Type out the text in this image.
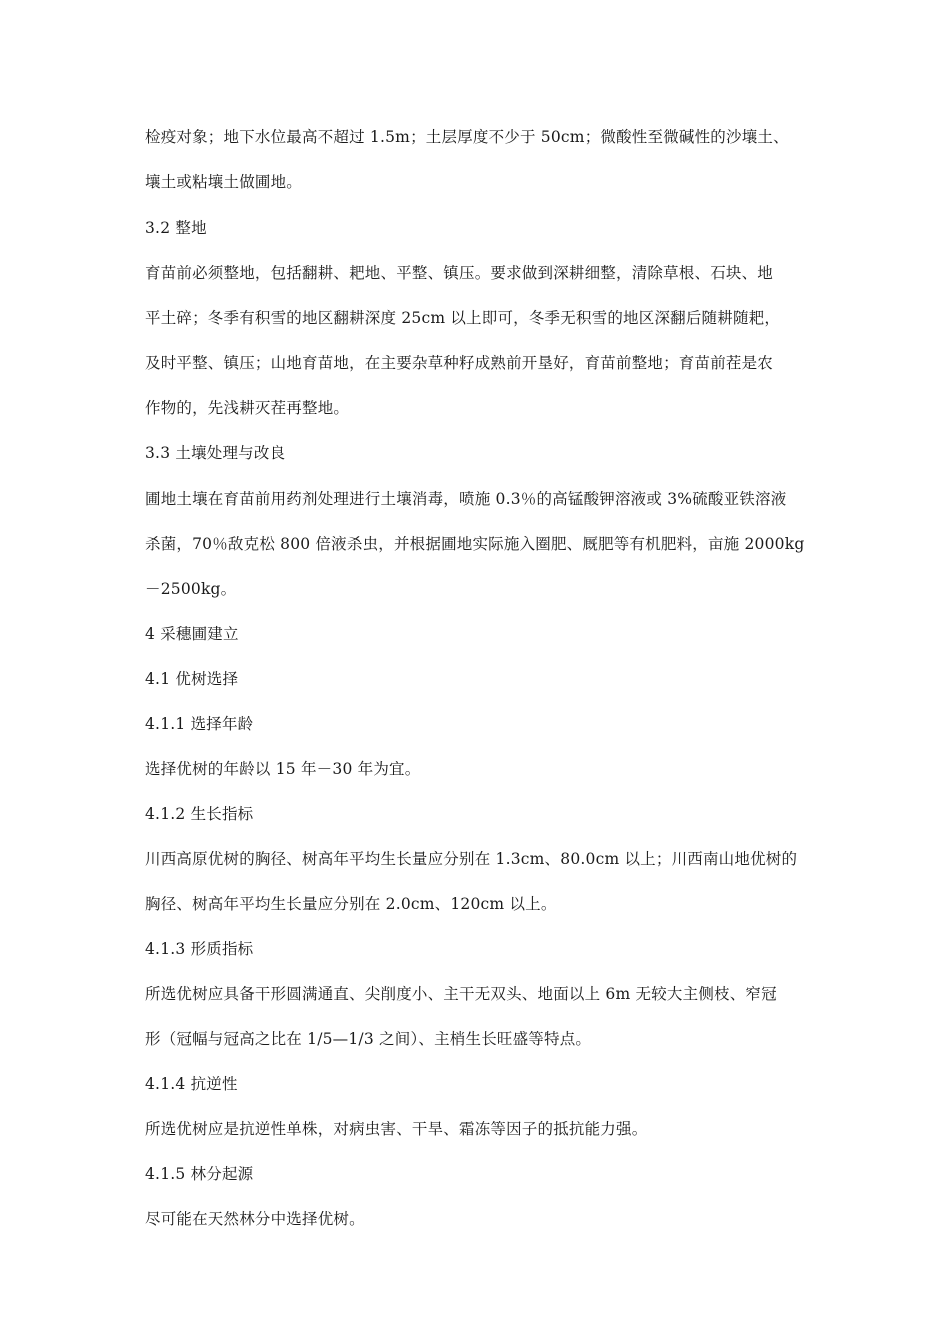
检疫对象；地下水位最高不超过 1.5m；土层厚度不少于 50cm；微酸性至微碱性的沙壤土、
壤土或粘壤土做圃地。
3.2 整地
育苗前必须整地，包括翻耕、耙地、平整、镇压。要求做到深耕细整，清除草根、石块、地
平土碎；冬季有积雪的地区翻耕深度 25cm 以上即可，冬季无积雪的地区深翻后随耕随耙，
及时平整、镇压；山地育苗地，在主要杂草种籽成熟前开垦好，育苗前整地；育苗前茬是农
作物的，先浅耕灭茬再整地。
3.3 土壤处理与改良
圃地土壤在育苗前用药剂处理进行土壤消毒，喷施 0.3％的高锰酸钾溶液或 3%硫酸亚铁溶液
杀菌，70％敌克松 800 倍液杀虫，并根据圃地实际施入圈肥、厩肥等有机肥料，亩施 2000kg
－2500kg。
4 采穗圃建立
4.1 优树选择
4.1.1 选择年龄
选择优树的年龄以 15 年－30 年为宜。
4.1.2 生长指标
川西高原优树的胸径、树高年平均生长量应分别在 1.3cm、80.0cm 以上；川西南山地优树的
胸径、树高年平均生长量应分别在 2.0cm、120cm 以上。
4.1.3 形质指标
所选优树应具备干形圆满通直、尖削度小、主干无双头、地面以上 6m 无较大主侧枝、窄冠
形（冠幅与冠高之比在 1/5—1/3 之间）、主梢生长旺盛等特点。
4.1.4 抗逆性
所选优树应是抗逆性单株，对病虫害、干旱、霜冻等因子的抵抗能力强。
4.1.5 林分起源
尽可能在天然林分中选择优树。
